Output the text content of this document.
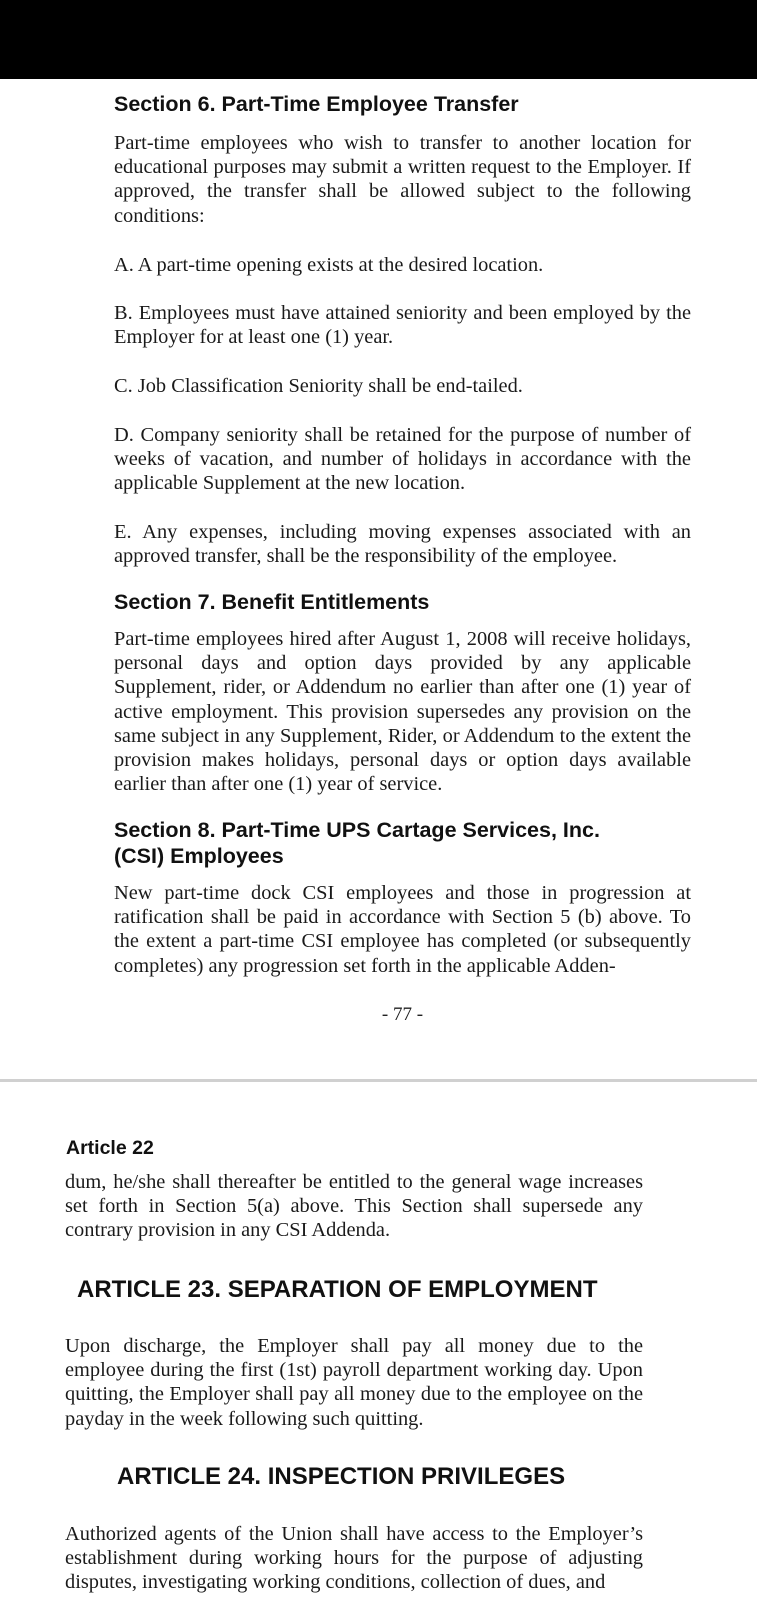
Section 6. Part-Time Employee Transfer

Part-time employees who wish to transfer to another location for educational purposes may submit a written request to the Employer. If approved, the transfer shall be allowed subject to the following conditions:

A. A part-time opening exists at the desired location.

B. Employees must have attained seniority and been employed by the Employer for at least one (1) year.

C. Job Classification Seniority shall be end-tailed.

D. Company seniority shall be retained for the purpose of number of weeks of vacation, and number of holidays in accordance with the applicable Supplement at the new location.

E. Any expenses, including moving expenses associated with an approved transfer, shall be the responsibility of the employee.

Section 7. Benefit Entitlements

Part-time employees hired after August 1, 2008 will receive holidays, personal days and option days provided by any applicable Supplement, rider, or Addendum no earlier than after one (1) year of active employment. This provision supersedes any provision on the same subject in any Supplement, Rider, or Addendum to the extent the provision makes holidays, personal days or option days available earlier than after one (1) year of service.

Section 8. Part-Time UPS Cartage Services, Inc.
(CSI) Employees

New part-time dock CSI employees and those in progression at ratification shall be paid in accordance with Section 5 (b) above. To the extent a part-time CSI employee has completed (or subsequently completes) any progression set forth in the applicable Adden-

- 77 -

Article 22

dum, he/she shall thereafter be entitled to the general wage increases set forth in Section 5(a) above. This Section shall supersede any contrary provision in any CSI Addenda.

ARTICLE 23. SEPARATION OF EMPLOYMENT

Upon discharge, the Employer shall pay all money due to the employee during the first (1st) payroll department working day. Upon quitting, the Employer shall pay all money due to the employee on the payday in the week following such quitting.

ARTICLE 24. INSPECTION PRIVILEGES

Authorized agents of the Union shall have access to the Employer’s establishment during working hours for the purpose of adjusting disputes, investigating working conditions, collection of dues, and
